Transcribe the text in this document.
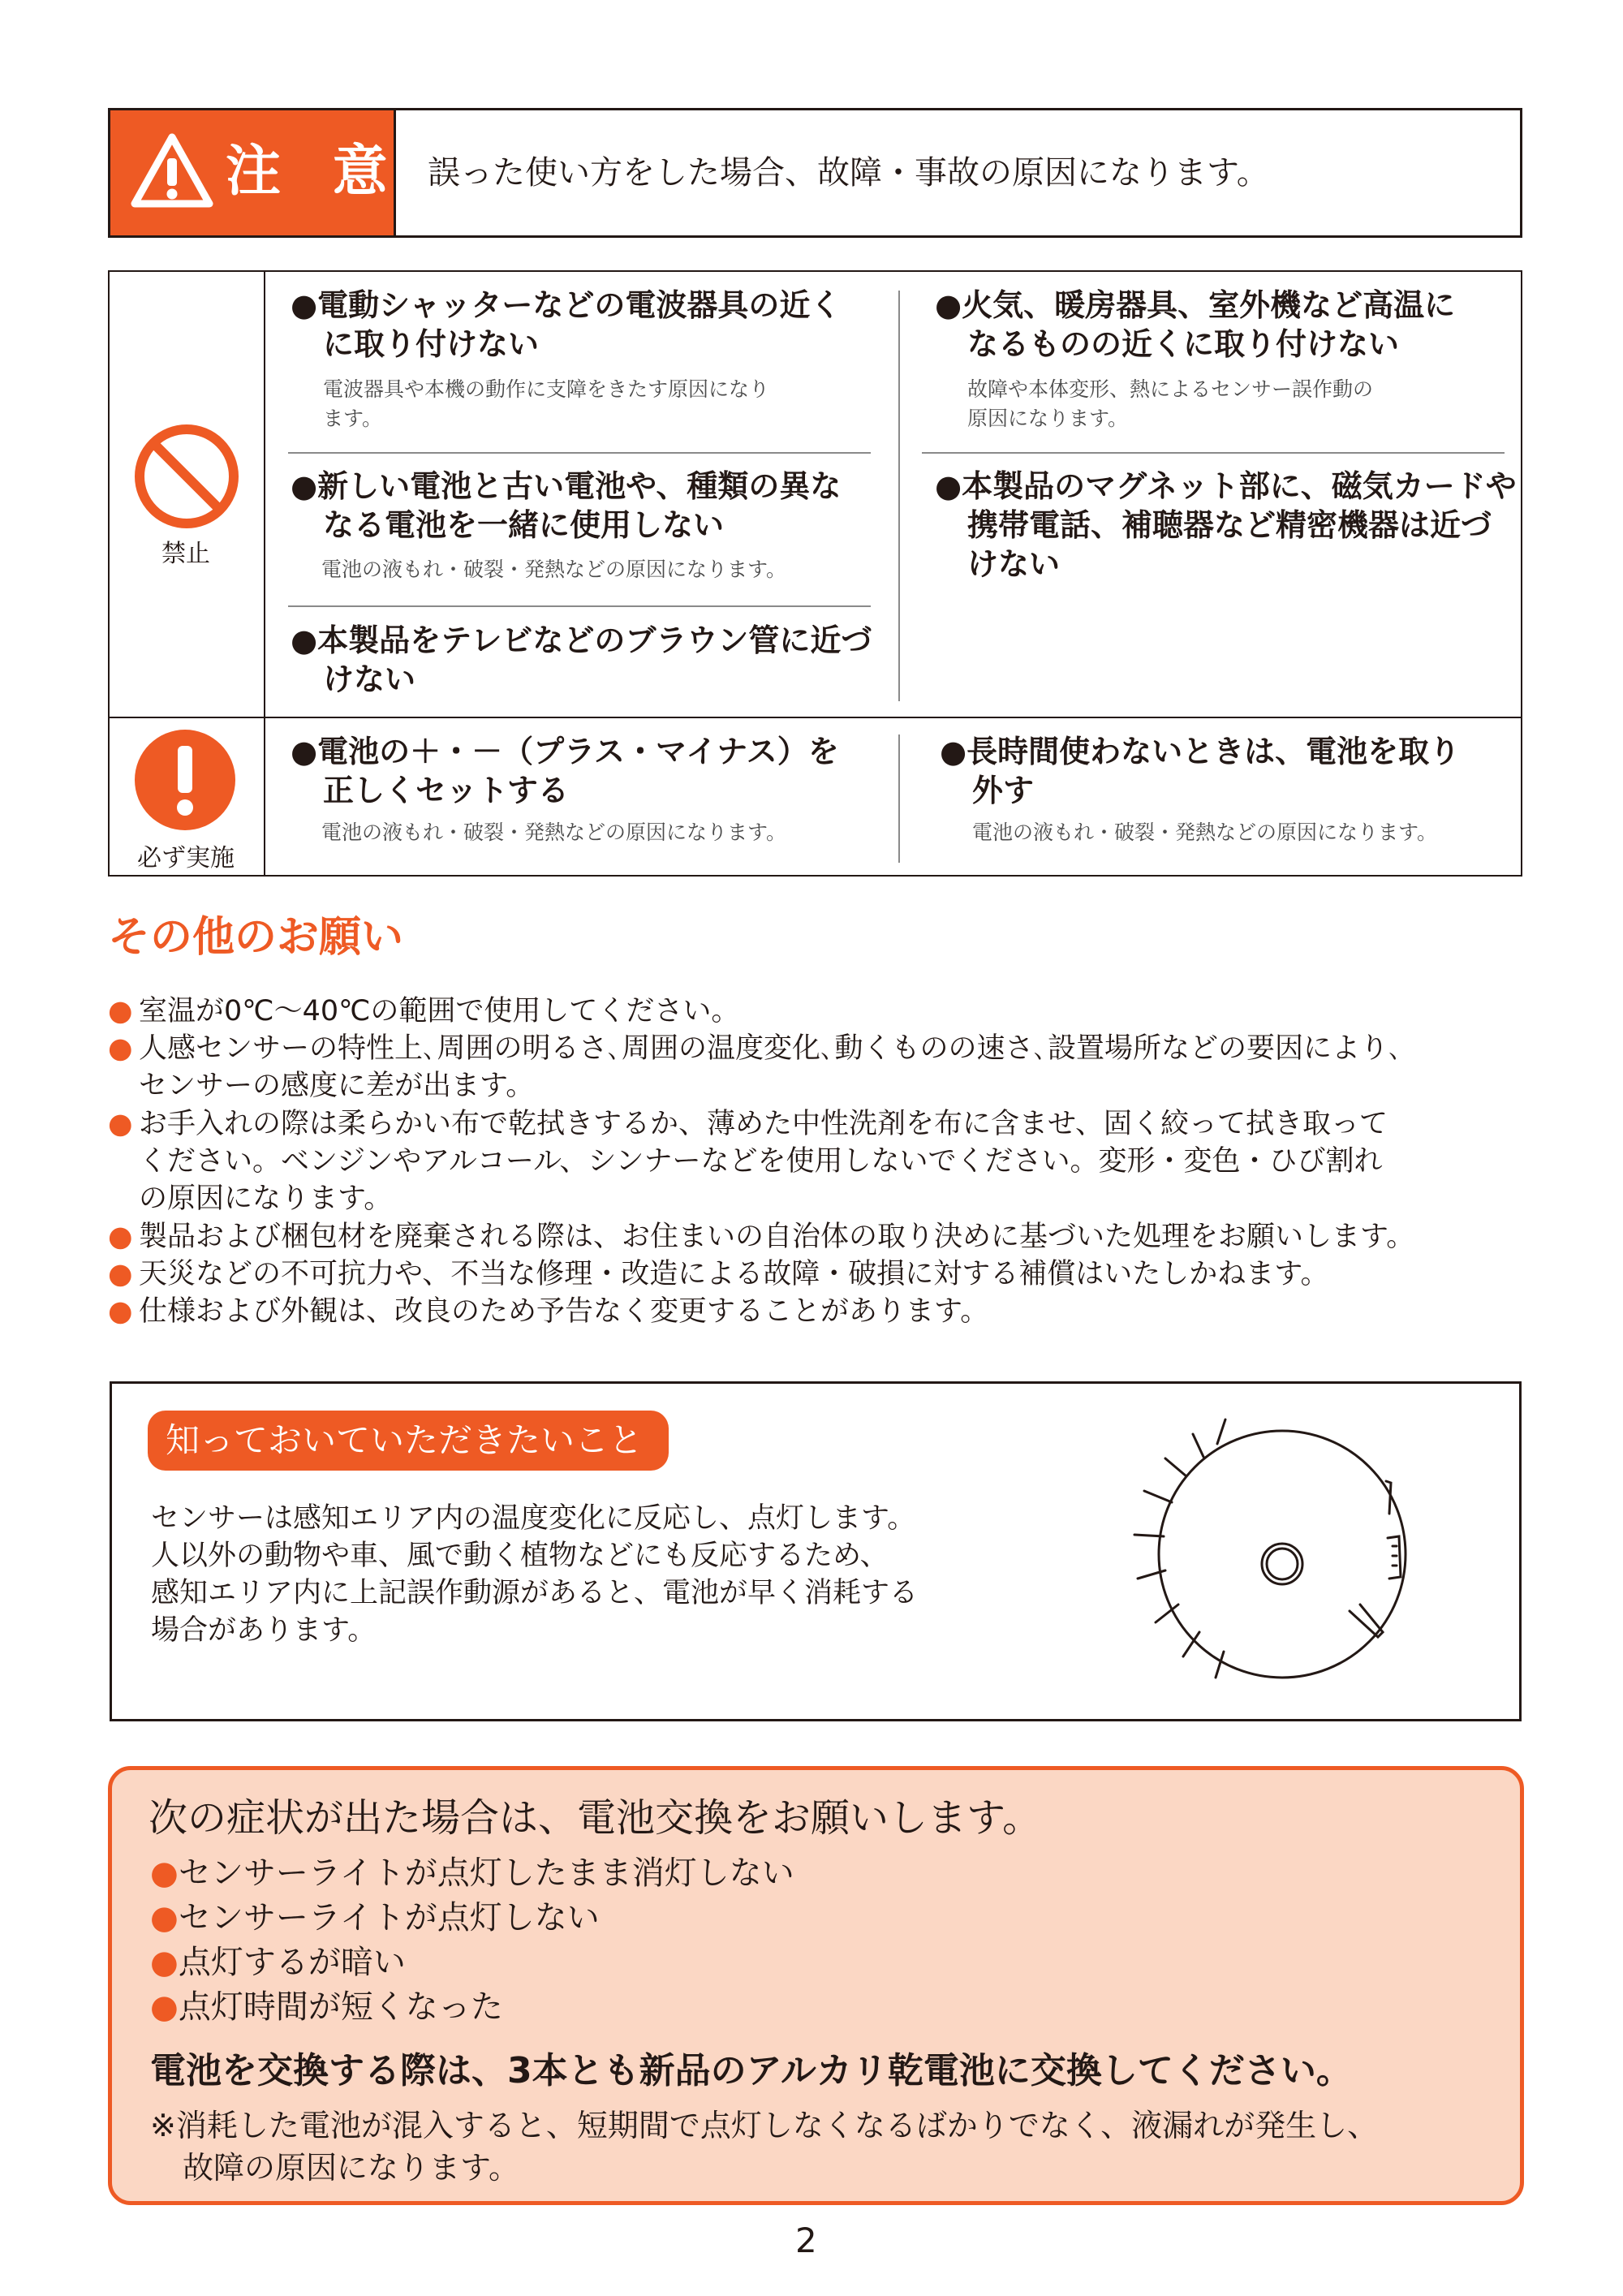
注 意 誤った使い方をした場合、故障・事故の原因になります。
禁止
●電動シャッターなどの電波器具の近く
に取り付けない
電波器具や本機の動作に支障をきたす原因になり
ます。
●新しい電池と古い電池や、種類の異な
なる電池を一緒に使用しない
電池の液もれ・破裂・発熱などの原因になります。
●本製品をテレビなどのブラウン管に近づ
けない
●火気、暖房器具、室外機など高温に
なるものの近くに取り付けない
故障や本体変形、熱によるセンサー誤作動の
原因になります。
●本製品のマグネット部に、磁気カードや
携帯電話、補聴器など精密機器は近づ
けない
必ず実施
●電池の＋・－（プラス・マイナス）を
正しくセットする
電池の液もれ・破裂・発熱などの原因になります。
●長時間使わないときは、電池を取り
外す
電池の液もれ・破裂・発熱などの原因になります。
その他のお願い
● 室温が0℃～40℃の範囲で使用してください。
● 人感センサーの特性上､周囲の明るさ､周囲の温度変化､動くものの速さ､設置場所などの要因により､
センサーの感度に差が出ます。
● お手入れの際は柔らかい布で乾拭きするか、薄めた中性洗剤を布に含ませ、固く絞って拭き取って
ください。ベンジンやアルコール、シンナーなどを使用しないでください。変形・変色・ひび割れ
の原因になります。
● 製品および梱包材を廃棄される際は、お住まいの自治体の取り決めに基づいた処理をお願いします。
● 天災などの不可抗力や、不当な修理・改造による故障・破損に対する補償はいたしかねます。
● 仕様および外観は、改良のため予告なく変更することがあります。
知っておいていただきたいこと
センサーは感知エリア内の温度変化に反応し、点灯します。
人以外の動物や車、風で動く植物などにも反応するため、
感知エリア内に上記誤作動源があると、電池が早く消耗する
場合があります。
次の症状が出た場合は、電池交換をお願いします。
●センサーライトが点灯したまま消灯しない
●センサーライトが点灯しない
●点灯するが暗い
●点灯時間が短くなった
電池を交換する際は、3本とも新品のアルカリ乾電池に交換してください。
※消耗した電池が混入すると、短期間で点灯しなくなるばかりでなく、液漏れが発生し、
故障の原因になります。
2
